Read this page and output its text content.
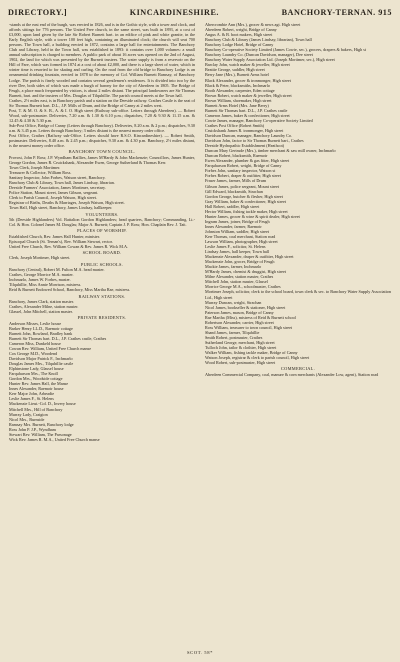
DIRECTORY.]	KINCARDINESHIRE.	BANCHORY-TERNAN. 915

-stands at the east end of the burgh, was erected in 1826, and is in the Gothic style, with a tower and clock, and affords sittings for 776 persons. The United Free church, in the same street, was built in 1893, at a cost of £3,000, upon land given by the late Sir Robert Burnett bart. in an edifice of pink and white granite, in the Early English style, with a tower 100 feet high, containing an illuminated clock; the church will seat 700 persons. The Town hall, a building erected in 1872, contains a large hall for entertainments. The Banchory Club and Library, held in the Town hall, was established in 1893: it contains over 1,000 volumes: a small annual subscription is charged to members. A public park of about 16 acres was opened on the 2nd of August, 1902, the land for which was presented by the Burnett trustees. The water supply is from a reservoir on the Hill of Fare, which was formed in 1874 at a cost of about £2,000, and there is a large sheet of water, which in winter time is resorted to for skating and curling. On the road from the old bridge to Banchory Lodge is an ornamental drinking fountain, erected in 1878 to the memory of Col. William Burnett Ramsay, of Banchory Lodge. The parish is finely wooded and contains several gentlemen's residences. It is divided into two by the river Dee, both sides of which was made a burgh of barony for the city of Aberdeen in 1805. The Bridge of Feugh, a place much frequented by visitors, is about 2 miles distant. The principal landowners are Sir Thomas Burnett, bart. and the trustees of Mrs. Douglas of Tilquhillie. The parish council meets at the Town hall.

Crathes, 2½ miles east, is in Banchory parish and a station on the Deeside railway. Crathes Castle is the seat of Sir Thomas Burnett bart. D.L., J.P. Mills of Drum, and the Bridge of Canny at 2 miles west.

Post, T. & M. O. & S. B., A. & I. O. High street (Railway sub-office. Letters through Aberdeen). — Robert Wood, sub-postmaster. Deliveries, 7.20 a.m. & 1.30 & 6.10 p.m.; dispatches, 7.20 & 9.30 & 11.15 a.m. & 12.45 & 4.30 & 5.30 p.m.

Sub-Post Office, Bridge of Canny (Letters through Banchory). Deliveries, 8.20 a.m. & 2 p.m.; dispatches, 9.30 a.m. & 3.45 p.m. Letters through Banchory; 3 miles distant is the nearest money order office.

Post Office, Crathes (Railway sub-Office. Letters should have R.S.O. Kincardineshire). — Robert Smith, postmaster. Deliveries, 8.40 a.m. & 2.45 p.m.; dispatches, 9.30 a.m. & 4.30 p.m. Banchory, 2½ miles distant, is the nearest money order office.

BANCHORY TOWN COUNCIL.

Provost, John P. Ross; J.P. Wyndham Baillies, James M'Hardy & John Mackenzie; Councillors, James Hunter, George Gordon, James R. Cruickshank, Alexander Ewen, George Sutherland & Thomas Kerr.

Town Clerk, Joseph Mortimer.

Treasurer & Collector, William Ross.

Sanitary Inspector, John Forbes, Watson street, Banchory.

Banchory Club & Library, Town hall, James Lindsay, librarian.

Deeside Farmers' Association, James Mortimer, secretary.

Police Station, Mount street, James Gibson, sergeant.

Clerk to Parish Council, Joseph Watson, High street.

Registrar of Births, Deaths & Marriages, Joseph Watson, High street.

Town Hall, High street, Banchory, James Lindsay, hallkeeper.

VOLUNTEERS.

5th (Deeside Highlanders) Vol. Battalion Gordon Highlanders; head quarters, Banchory; Commanding, Lt.-Col. & Hon. Colonel James M. Douglas; Major A. Burnett; Captain J. P. Ross; Hon. Chaplain Rev. J. Tait.

PLACES OF WORSHIP.

Established Church, Rev. James Hall Hunter, minister.

Episcopal Church (St. Ternan's), Rev. William Stewart, rector.

United Free Church, Rev. William Cowan & Rev. James R. Wick M.A.

SCHOOL BOARD.

Clerk, Joseph Mortimer, High street.

PUBLIC SCHOOLS.

Banchory (Central), Robert M. Fulton M.A. head master.

Crathes, George Morrice M.A. master.

Inchmarlo, James W. Forbes, master.

Tilquhillie, Miss Annie Morrison, mistress.

Reid & Burnett Endowed School, Banchory, Miss Martha Rae, mistress.

RAILWAY STATIONS.

Banchory, James Clark, station master.

Crathes, Alexander Milne, station master.

Glassel, John Mitchell, station master.

PRIVATE RESIDENTS.

Anderson Misses, Leslie house

Barker Henry LL.D., Raemoir cottage

Burnett John, Rowland, Bradley bank

Burnett Sir Thomas bart. D.L., J.P. Crathes castle, Crathes

Cameron Miss, Dunkeld house

Cowan Rev. William, United Free Church manse

Cox George M.D., Woodend

Davidson Major Patrick F., Inchmarlo

Douglas James Mrs., Tilquhillie castle

Elphinstone Lady, Glassel house

Farquharson Mrs., The Knoll

Gordon Mrs., Woodside cottage

Hunter Rev. James Hall, the Manse

Innes Alexander, Raemoir house

Kerr Major John, Arbeadie

Leslie James F., St. Helens

Mackenzie Lieut.-Col. D., Invery house

Mitchell Mrs., Hill of Banchory

Murray Lady, Craigton

Nicol Mrs., Burnside

Ramsay Mrs. Burnett, Banchory lodge

Ross John P. J.P., Wyndham

Stewart Rev. William, The Parsonage

Wick Rev. James R. M.A., United Free Church manse

Abercrombie Ann (Mrs.), grocer & news agt. High street

Aberdeen Robert, wright, Bridge of Canny

Angus A. & B. boot makers, High street

Banchory Club & Library (James Lindsay, librarian), Town hall

Banchory Lodge Hotel, Bridge of Canny

Banchory Co-operative Society Limited (James Cowie, sec.), grocers, drapers & bakers, High st

Banchory Laundry Co. (Duncan Davidson, manager), Dee street

Banchory Water Supply Association Ltd. (Joseph Mortimer, sec.), High street

Barclay John, watch maker & jeweller, High street

Beattie George, saddler, High street

Berry Jane (Mrs.), Burnett Arms hotel

Black Alexander, grocer & ironmonger, High street

Black & Peter, blacksmiths, Inchmarlo

Booth Alexander, carpenter, Eden cottage

Brown Robert, watch maker & jeweller, High street

Brown William, shoemaker, High street

Burnett Arms Hotel (Mrs. Jane Berry)

Burnett Sir Thomas bart. D.L., J.P. Crathes castle

Cameron James, baker & confectioner, High street

Cowie James, manager, Banchory Co-operative Society Limited

Crathes Post Office (Robert Smith)

Cruickshank James R. ironmonger, High street

Davidson Duncan, manager, Banchory Laundry Co.

Davidson John, factor to Sir Thomas Burnett bart., Crathes

Deeside Hydropathic Establishment (Heathcot)

Duncan Mary Gertrude (Mrs.), timber merchant & saw mill owner, Inchmarlo

Duncan Robert, blacksmith, Raemoir

Ewen Alexander, plumber & gas fitter, High street

Farquharson Robert, wright, Bridge of Canny

Forbes John, sanitary inspector, Watson st

Forbes Robert, draper & outfitter, High street

Fraser James, farmer, Mills of Drum

Gibson James, police sergeant, Mount street

Gill Edward, blacksmith, Strachan

Gordon George, butcher & flesher, High street

Gray William, baker & confectioner, High street

Hall Robert, saddler, High street

Hector William, fishing tackle maker, High street

Hunter James, grocer & wine & spirit dealer, High street

Ingram James, joiner, Bridge of Feugh

Innes Alexander, farmer, Raemoir

Johnston William, saddler, High street

Kerr Thomas, coal merchant, Station road

Lawson William, photographer, High street

Leslie James F., solicitor, St. Helens

Lindsay James, hall keeper, Town hall

Mackenzie Alexander, draper & outfitter, High street

Mackenzie John, grocer, Bridge of Feugh

Mackie James, farmer, Inchmarlo

M'Hardy James, chemist & druggist, High street

Milne Alexander, station master, Crathes

Mitchell John, station master, Glassel

Morrice George M.A., schoolmaster, Crathes

Mortimer Joseph, solicitor, clerk to the school board, town clerk & sec. to Banchory Water Supply Association Ltd., High street

Murray Duncan, wright, Strachan

Nicol James, bookseller & stationer, High street

Paterson James, mason, Bridge of Canny

Rae Martha (Miss), mistress of Reid & Burnett school

Robertson Alexander, carrier, High street

Ross William, treasurer to town council, High street

Shand James, farmer, Tilquhillie

Smith Robert, postmaster, Crathes

Sutherland George, merchant, High street

Tulloch John, tailor & clothier, High street

Walker William, fishing tackle maker, Bridge of Canny

Watson Joseph, registrar & clerk to parish council, High street

Wood Robert, sub-postmaster, High street

COMMERCIAL.

Aberdeen Commercial Company, coal, manure & corn merchants (Alexander Low, agent), Station road

SCOT. 58*
